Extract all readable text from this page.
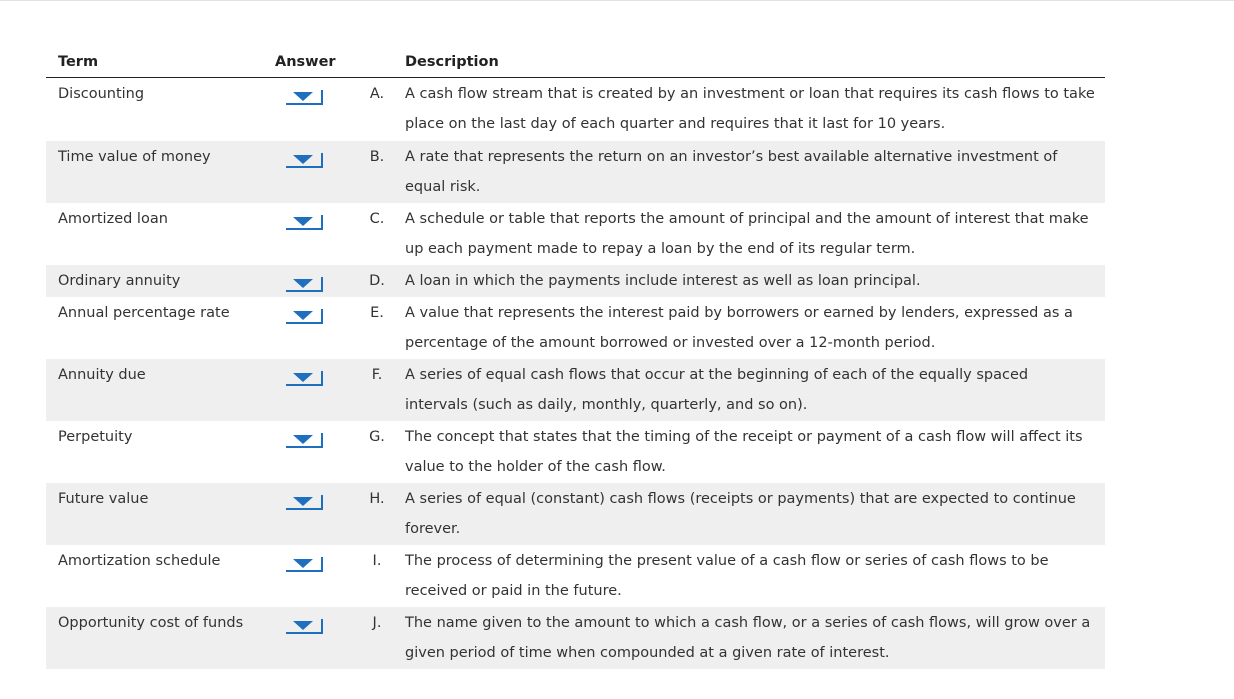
Term	Answer	Description
Discounting	A. A cash flow stream that is created by an investment or loan that requires its cash flows to take place on the last day of each quarter and requires that it last for 10 years.
Time value of money	B. A rate that represents the return on an investor’s best available alternative investment of equal risk.
Amortized loan	C. A schedule or table that reports the amount of principal and the amount of interest that make up each payment made to repay a loan by the end of its regular term.
Ordinary annuity	D. A loan in which the payments include interest as well as loan principal.
Annual percentage rate	E. A value that represents the interest paid by borrowers or earned by lenders, expressed as a percentage of the amount borrowed or invested over a 12-month period.
Annuity due	F.	A series of equal cash flows that occur at the beginning of each of the equally spaced intervals (such as daily, monthly, quarterly, and so on).
Perpetuity	G. The concept that states that the timing of the receipt or payment of a cash flow will affect its value to the holder of the cash flow.
Future value	H. A series of equal (constant) cash flows (receipts or payments) that are expected to continue forever.
Amortization schedule	I.	The process of determining the present value of a cash flow or series of cash flows to be received or paid in the future.
Opportunity cost of funds	J.	The name given to the amount to which a cash flow, or a series of cash flows, will grow over a given period of time when compounded at a given rate of interest.
